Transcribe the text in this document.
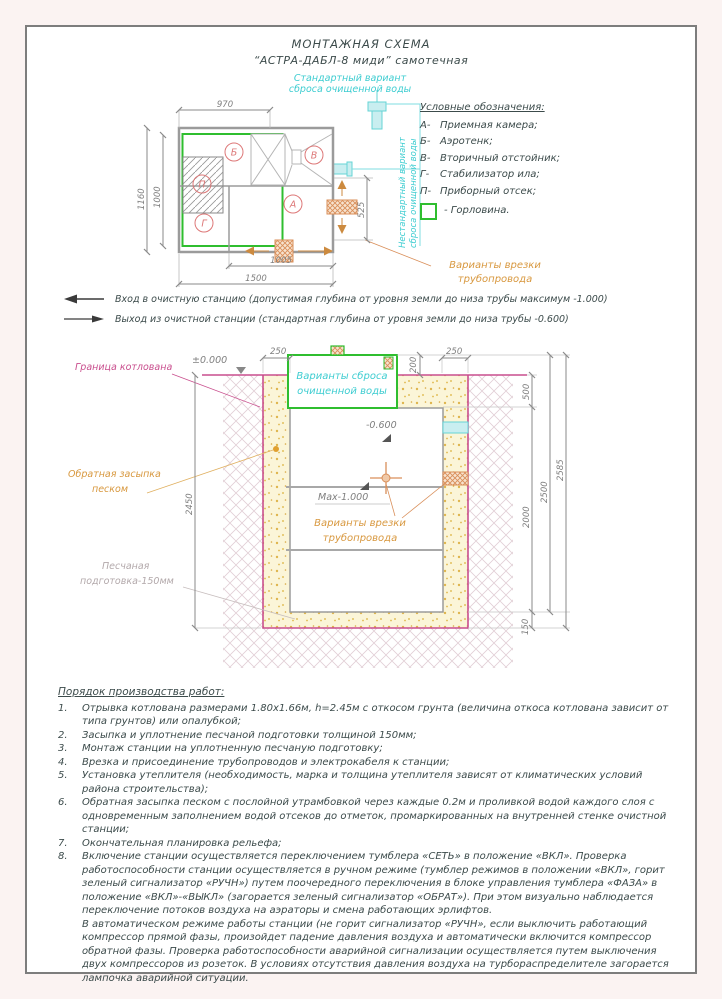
МОНТАЖНАЯ СХЕМА
“АСТРА-ДАБЛ-8 миди” самотечная
Стандартный вариант
сброса очищенной воды
Б	В
П
Г
А	Нестандартный вариант сброса очищенной воды
Варианты врезки
трубопровода
970
1000
1160	525
1005
1500
Условные обозначения:
А- Приемная камера;
Б- Аэротенк;
В- Вторичный отстойник;
Г- Стабилизатор ила;
П- Приборный отсек;
- Горловина.
Вход в очистную станцию (допустимая глубина от уровня земли до низа трубы максимум -1.000)
Выход из очистной станции (стандартная глубина от уровня земли до низа трубы -0.600)
Варианты сброса
очищенной воды
-0.600
Max-1.000
Варианты врезки
трубопровода
Граница котлована
Обратная засыпка
песком
Песчаная
подготовка-150мм
±0.000
250	250
200
2450
500
2000
2500
2585
150
Порядок производства работ:
1.	Отрывка котлована размерами 1.80х1.66м, h=2.45м с откосом грунта (величина откоса котлована зависит от типа грунтов) или опалубкой;
2.	Засыпка и уплотнение песчаной подготовки толщиной 150мм;
3.	Монтаж станции на уплотненную песчаную подготовку;
4.	Врезка и присоединение трубопроводов и электрокабеля к станции;
5.	Установка утеплителя (необходимость, марка и толщина утеплителя зависят от климатических условий района строительства);
6.	Обратная засыпка песком с послойной утрамбовкой через каждые 0.2м и проливкой водой каждого слоя с одновременным заполнением водой отсеков до отметок, промаркированных на внутренней стенке очистной станции;
7.	Окончательная планировка рельефа;
8.	Включение станции осуществляется переключением тумблера «СЕТЬ» в положение «ВКЛ». Проверка работоспособности станции осуществляется в ручном режиме (тумблер режимов в положении «ВКЛ», горит зеленый сигнализатор «РУЧН») путем поочередного переключения в блоке управления тумблера «ФАЗА» в положение «ВКЛ»-«ВЫКЛ» (загорается зеленый сигнализатор «ОБРАТ»). При этом визуально наблюдается переключение потоков воздуха на аэраторы и смена работающих эрлифтов.
В автоматическом режиме работы станции (не горит сигнализатор «РУЧН», если выключить работающий компрессор прямой фазы, произойдет падение давления воздуха и автоматически включится компрессор обратной фазы. Проверка работоспособности аварийной сигнализации осуществляется путем выключения двух компрессоров из розеток. В условиях отсутствия давления воздуха на турбораспределителе загорается лампочка аварийной ситуации.
